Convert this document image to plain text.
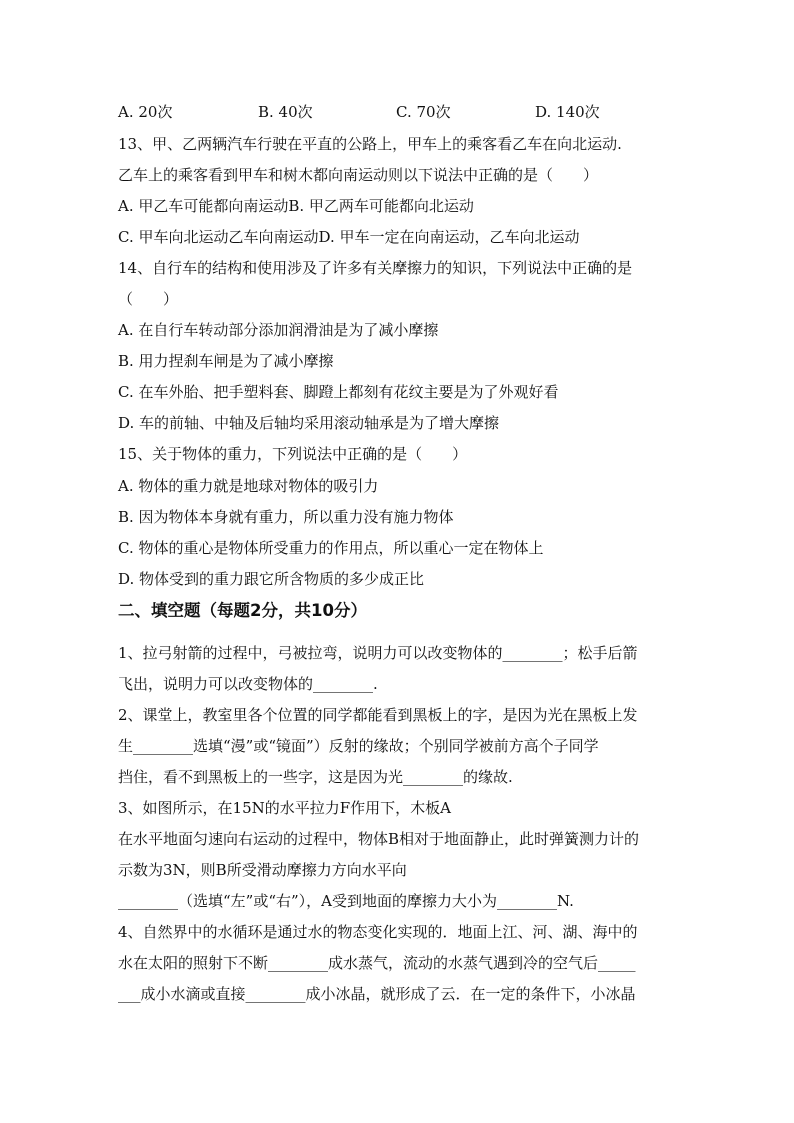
A. 20次	B. 40次	C. 70次	D. 140次
13、甲、乙两辆汽车行驶在平直的公路上，甲车上的乘客看乙车在向北运动.
乙车上的乘客看到甲车和树木都向南运动则以下说法中正确的是（　　）
A. 甲乙车可能都向南运动B. 甲乙两车可能都向北运动
C. 甲车向北运动乙车向南运动D. 甲车一定在向南运动，乙车向北运动
14、自行车的结构和使用涉及了许多有关摩擦力的知识，下列说法中正确的是
（　　）
A. 在自行车转动部分添加润滑油是为了减小摩擦
B. 用力捏刹车闸是为了减小摩擦
C. 在车外胎、把手塑料套、脚蹬上都刻有花纹主要是为了外观好看
D. 车的前轴、中轴及后轴均采用滚动轴承是为了增大摩擦
15、关于物体的重力，下列说法中正确的是（　　）
A. 物体的重力就是地球对物体的吸引力
B. 因为物体本身就有重力，所以重力没有施力物体
C. 物体的重心是物体所受重力的作用点，所以重心一定在物体上
D. 物体受到的重力跟它所含物质的多少成正比
二、填空题（每题2分，共10分）
1、拉弓射箭的过程中，弓被拉弯，说明力可以改变物体的________；松手后箭
飞出，说明力可以改变物体的________.
2、课堂上，教室里各个位置的同学都能看到黑板上的字，是因为光在黑板上发
生________选填“漫”或“镜面”）反射的缘故；个别同学被前方高个子同学
挡住，看不到黑板上的一些字，这是因为光________的缘故.
3、如图所示，在15N的水平拉力F作用下，木板A
在水平地面匀速向右运动的过程中，物体B相对于地面静止，此时弹簧测力计的
示数为3N，则B所受滑动摩擦力方向水平向
________（选填“左”或“右”），A受到地面的摩擦力大小为________N.
4、自然界中的水循环是通过水的物态变化实现的．地面上江、河、湖、海中的
水在太阳的照射下不断________成水蒸气，流动的水蒸气遇到冷的空气后_____
___成小水滴或直接________成小冰晶，就形成了云．在一定的条件下，小冰晶
